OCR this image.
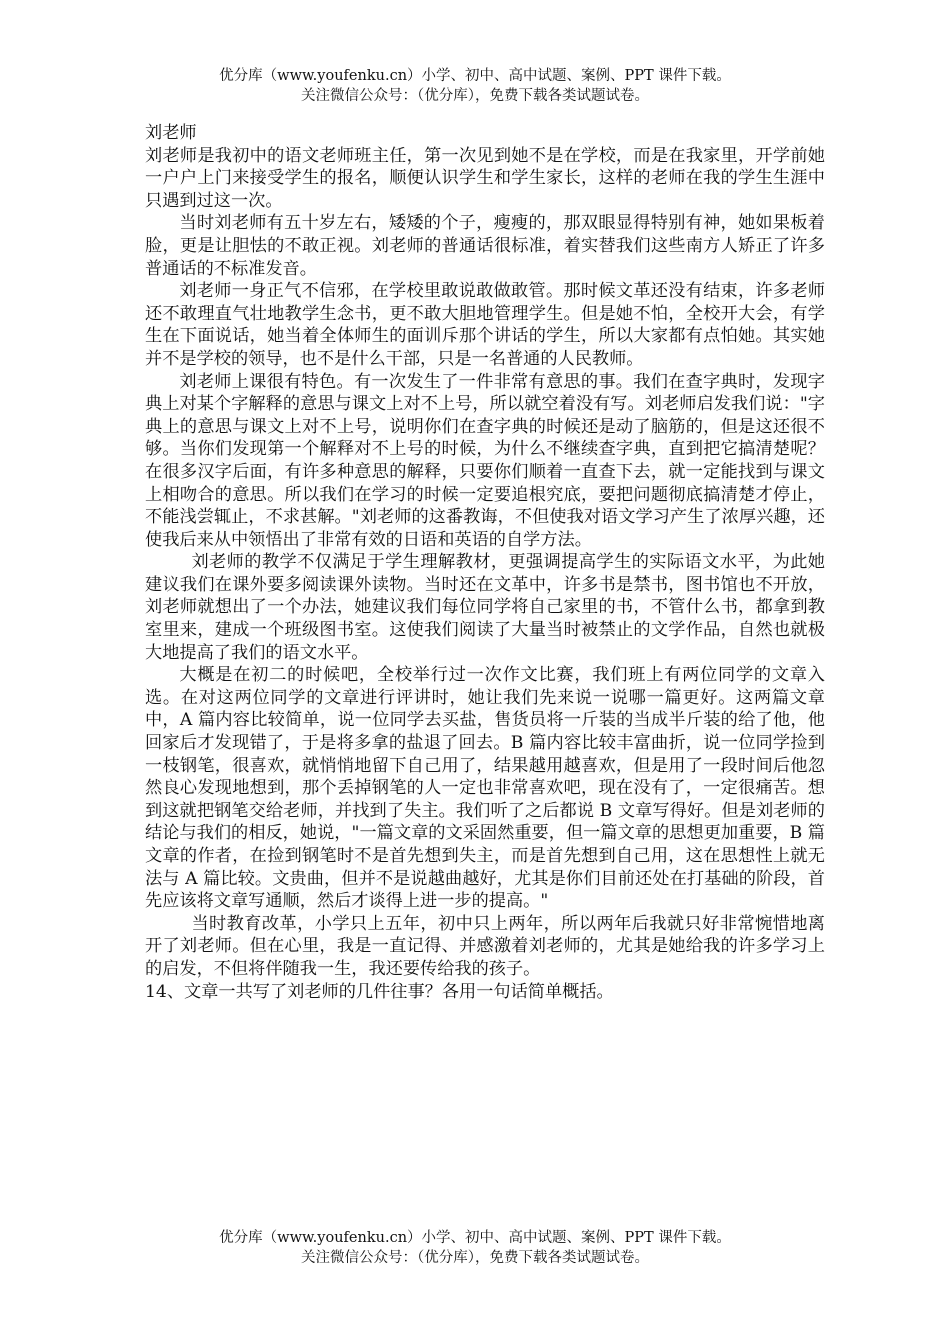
优分库（www.youfenku.cn）小学、初中、高中试题、案例、PPT 课件下载。
关注微信公众号：（优分库），免费下载各类试题试卷。

刘老师

刘老师是我初中的语文老师班主任，第一次见到她不是在学校，而是在我家里，开学前她一户户上门来接受学生的报名，顺便认识学生和学生家长，这样的老师在我的学生生涯中只遇到过这一次。

当时刘老师有五十岁左右，矮矮的个子，瘦瘦的，那双眼显得特别有神，她如果板着脸，更是让胆怯的不敢正视。刘老师的普通话很标准，着实替我们这些南方人矫正了许多普通话的不标准发音。

刘老师一身正气不信邪，在学校里敢说敢做敢管。那时候文革还没有结束，许多老师还不敢理直气壮地教学生念书，更不敢大胆地管理学生。但是她不怕，全校开大会，有学生在下面说话，她当着全体师生的面训斥那个讲话的学生，所以大家都有点怕她。其实她并不是学校的领导，也不是什么干部，只是一名普通的人民教师。

刘老师上课很有特色。有一次发生了一件非常有意思的事。我们在查字典时，发现字典上对某个字解释的意思与课文上对不上号，所以就空着没有写。刘老师启发我们说："字典上的意思与课文上对不上号，说明你们在查字典的时候还是动了脑筋的，但是这还很不够。当你们发现第一个解释对不上号的时候，为什么不继续查字典，直到把它搞清楚呢？在很多汉字后面，有许多种意思的解释，只要你们顺着一直查下去，就一定能找到与课文上相吻合的意思。所以我们在学习的时候一定要追根究底，要把问题彻底搞清楚才停止，不能浅尝辄止，不求甚解。"刘老师的这番教诲，不但使我对语文学习产生了浓厚兴趣，还使我后来从中领悟出了非常有效的日语和英语的自学方法。

刘老师的教学不仅满足于学生理解教材，更强调提高学生的实际语文水平，为此她建议我们在课外要多阅读课外读物。当时还在文革中，许多书是禁书，图书馆也不开放，刘老师就想出了一个办法，她建议我们每位同学将自己家里的书，不管什么书，都拿到教室里来，建成一个班级图书室。这使我们阅读了大量当时被禁止的文学作品，自然也就极大地提高了我们的语文水平。

大概是在初二的时候吧，全校举行过一次作文比赛，我们班上有两位同学的文章入选。在对这两位同学的文章进行评讲时，她让我们先来说一说哪一篇更好。这两篇文章中，A 篇内容比较简单，说一位同学去买盐，售货员将一斤装的当成半斤装的给了他，他回家后才发现错了，于是将多拿的盐退了回去。B 篇内容比较丰富曲折，说一位同学捡到一枝钢笔，很喜欢，就悄悄地留下自己用了，结果越用越喜欢，但是用了一段时间后他忽然良心发现地想到，那个丢掉钢笔的人一定也非常喜欢吧，现在没有了，一定很痛苦。想到这就把钢笔交给老师，并找到了失主。我们听了之后都说 B 文章写得好。但是刘老师的结论与我们的相反，她说，"一篇文章的文采固然重要，但一篇文章的思想更加重要，B 篇文章的作者，在捡到钢笔时不是首先想到失主，而是首先想到自己用，这在思想性上就无法与 A 篇比较。文贵曲，但并不是说越曲越好，尤其是你们目前还处在打基础的阶段，首先应该将文章写通顺，然后才谈得上进一步的提高。"

当时教育改革，小学只上五年，初中只上两年，所以两年后我就只好非常惋惜地离开了刘老师。但在心里，我是一直记得、并感激着刘老师的，尤其是她给我的许多学习上的启发，不但将伴随我一生，我还要传给我的孩子。

14、文章一共写了刘老师的几件往事？各用一句话简单概括。

优分库（www.youfenku.cn）小学、初中、高中试题、案例、PPT 课件下载。
关注微信公众号：（优分库），免费下载各类试题试卷。
